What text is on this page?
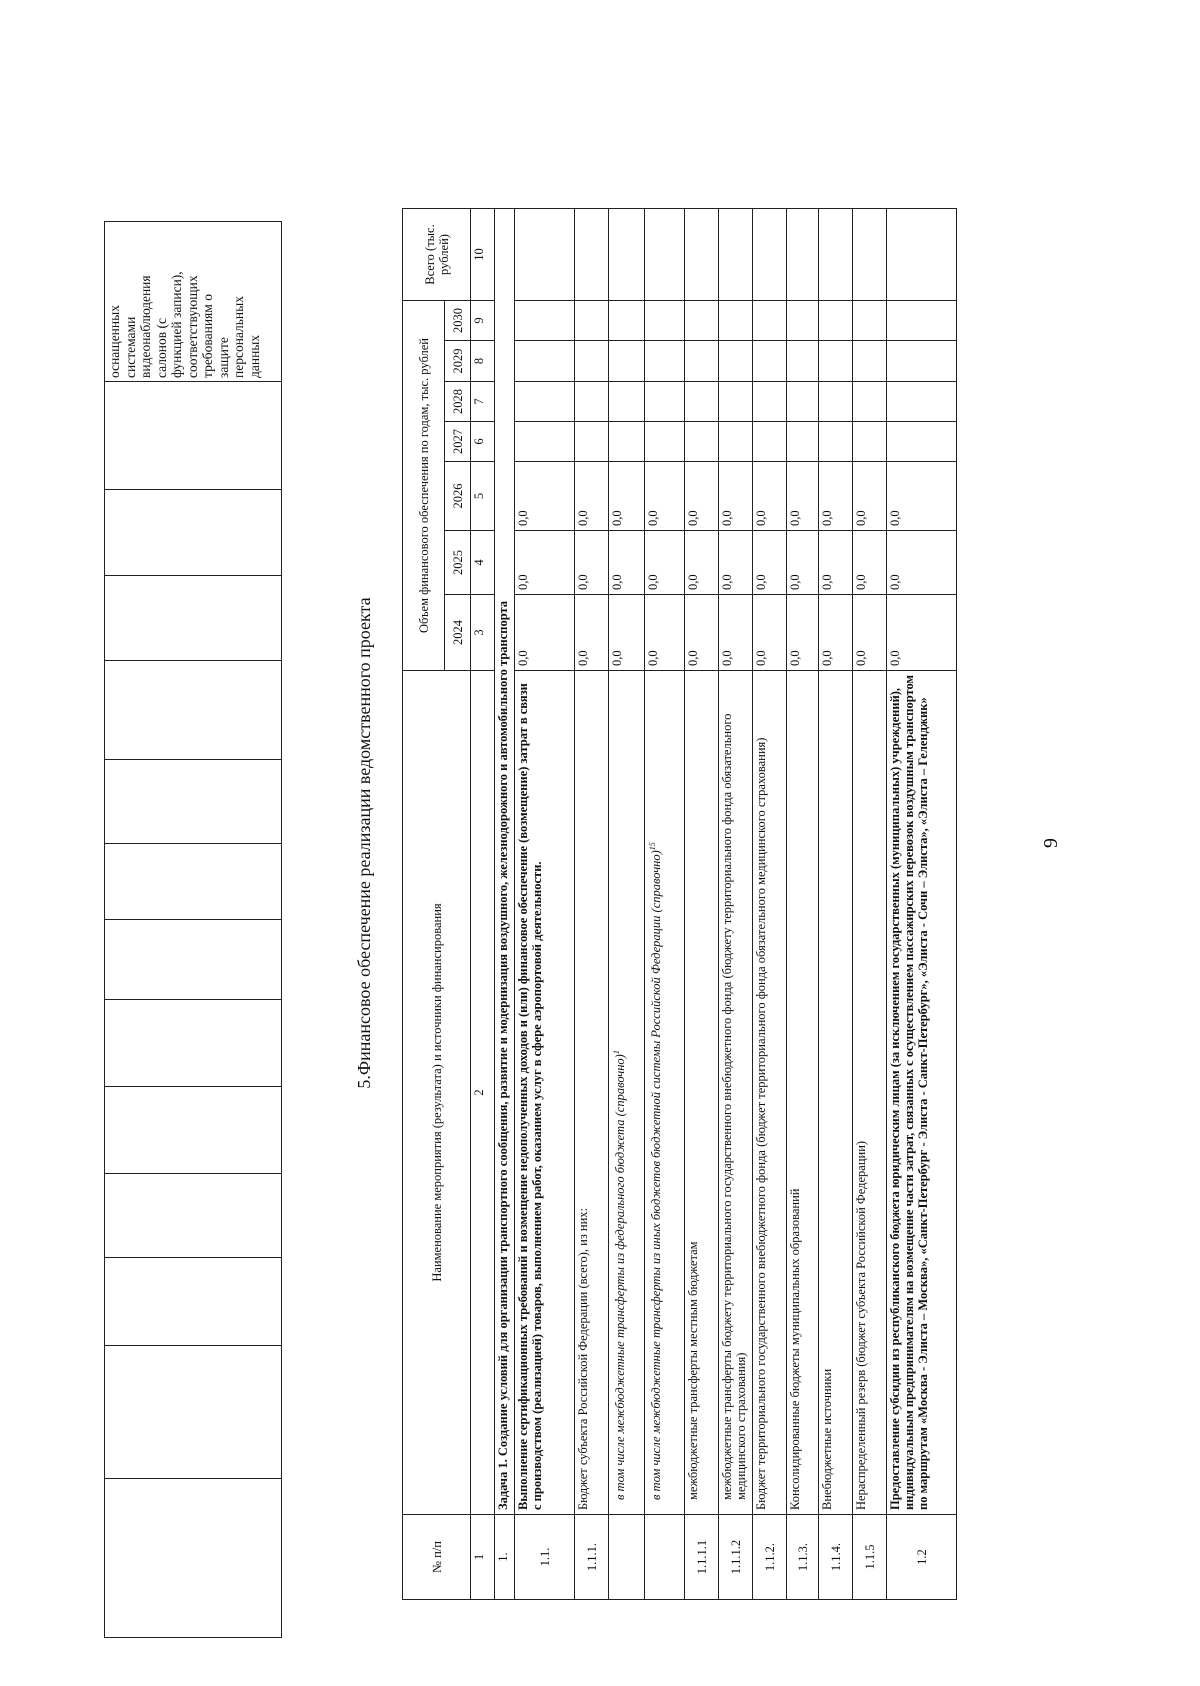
оснащенных системами видеонаблюдения салонов (с функцией записи), соответствующих требованиям о защите персональных данных
5.Финансовое обеспечение реализации ведомственного проекта
№ п/п	Наименование мероприятия (результата) и источники финансирования	Объем финансового обеспечения по годам, тыс. рублей							Всего (тыс. рублей)
		2024	2025	2026	2027	2028	2029	2030	
1	2	3	4	5	6	7	8	9	10
1.	Задача 1. Создание условий для организации транспортного сообщения, развитие и модернизация воздушного, железнодорожного и автомобильного транспорта								
1.1.	Выполнение сертификационных требований и возмещение недополученных доходов и (или) финансовое обеспечение (возмещение) затрат в связи с производством (реализацией) товаров, выполнением работ, оказанием услуг в сфере аэропортовой деятельности.	0,0	0,0	0,0					
1.1.1.	Бюджет субъекта Российской Федерации (всего), из них:	0,0	0,0	0,0					
	в том числе межбюджетные трансферты из федерального бюджета (справочно)$^1$	0,0	0,0	0,0					
	в том числе межбюджетные трансферты из иных бюджетов бюджетной системы Российской Федерации (справочно)$^{15}$	0,0	0,0	0,0					
1.1.1.1	межбюджетные трансферты местным бюджетам	0,0	0,0	0,0					
1.1.1.2	межбюджетные трансферты бюджету территориального государственного внебюджетного фонда (бюджету территориального фонда обязательного медицинского страхования)	0,0	0,0	0,0					
1.1.2.	Бюджет территориального государственного внебюджетного фонда (бюджет территориального фонда обязательного медицинского страхования)	0,0	0,0	0,0					
1.1.3.	Консолидированные бюджеты муниципальных образований	0,0	0,0	0,0					
1.1.4.	Внебюджетные источники	0,0	0,0	0,0					
1.1.5	Нераспределенный резерв (бюджет субъекта Российской Федерации)	0,0	0,0	0,0					
1.2	Предоставление субсидии из республиканского бюджета юридическим лицам (за исключением государственных (муниципальных) учреждений), индивидуальным предпринимателям на возмещение части затрат, связанных с осуществлением пассажирских перевозок воздушным транспортом по маршрутам «Москва - Элиста – Москва», «Санкт-Петербург - Элиста - Санкт-Петербург», «Элиста - Сочи – Элиста», «Элиста – Геленджик»	0,0	0,0	0,0					
9
